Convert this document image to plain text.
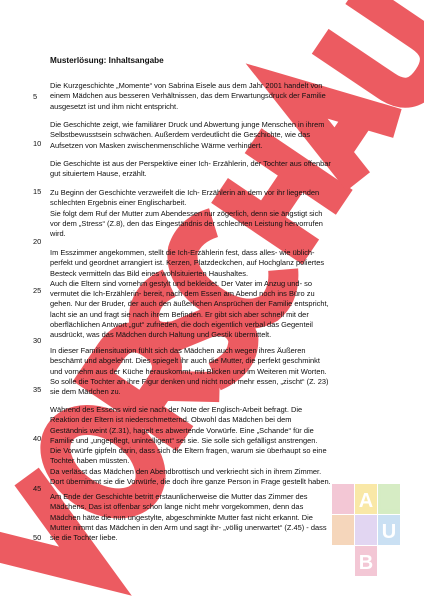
Musterlösung: Inhaltsangabe
5
10
15
20
25
30
35
40
45
50
Die Kurzgeschichte „Momente“ von Sabrina Eisele aus dem Jahr 2001 handelt von
einem Mädchen aus besseren Verhältnissen, das dem Erwartungsdruck der Familie
ausgesetzt ist und ihm nicht entspricht.
Die Geschichte zeigt, wie familiärer Druck und Abwertung junge Menschen in ihrem
Selbstbewusstsein schwächen. Außerdem verdeutlicht die Geschichte, wie das
Aufsetzen von Masken zwischenmenschliche Wärme verhindert.
Die Geschichte ist aus der Perspektive einer Ich- Erzählerin, der Tochter aus offenbar
gut situiertem Hause, erzählt.
Zu Beginn der Geschichte verzweifelt die Ich- Erzählerin an dem vor ihr liegenden
schlechten Ergebnis einer Englischarbeit.
Sie folgt dem Ruf der Mutter zum Abendessen nur zögerlich, denn sie ängstigt sich
vor dem „Stress“ (Z.8), den das Eingeständnis der schlechten Leistung hervorrufen
wird.
Im Esszimmer angekommen, stellt die Ich-Erzählerin fest, dass alles- wie üblich-
perfekt und geordnet arrangiert ist. Kerzen, Platzdeckchen, auf Hochglanz poliertes
Besteck vermitteln das Bild eines wohlsituierten Haushaltes.
Auch die Eltern sind vornehm gestylt und bekleidet. Der Vater im Anzug und- so
vermutet die Ich-Erzählerin- bereit, nach dem Essen am Abend noch ins Büro zu
gehen. Nur der Bruder, der auch den äußerlichen Ansprüchen der Familie entspricht,
lacht sie an und fragt sie nach ihrem Befinden. Er gibt sich aber schnell mit der
oberflächlichen Antwort „gut“ zufrieden, die doch eigentlich verbal das Gegenteil
ausdrückt, was das Mädchen durch Haltung und Gestik übermittelt.
In dieser Familiensituation fühlt sich das Mädchen auch wegen ihres Äußeren
beschämt und abgelehnt. Dies spiegelt ihr auch die Mutter, die perfekt geschminkt
und vornehm aus der Küche herauskommt, mit Blicken und im Weiteren mit Worten.
So solle die Tochter an ihre Figur denken und nicht noch mehr essen, „zischt“ (Z. 23)
sie dem Mädchen zu.
Während des Essens wird sie nach der Note der Englisch-Arbeit befragt. Die
Reaktion der Eltern ist niederschmetternd. Obwohl das Mädchen bei dem
Geständnis weint (Z.31), hagelt es abwertende Vorwürfe. Eine „Schande“ für die
Familie und „ungepflegt, unintelligent“ sei sie. Sie solle sich gefälligst anstrengen.
Die Vorwürfe gipfeln darin, dass sich die Eltern fragen, warum sie überhaupt so eine
Tochter haben müssten.
Da verlässt das Mädchen den Abendbrottisch und verkriecht sich in ihrem Zimmer.
Dort übernimmt sie die Vorwürfe, die doch ihre ganze Person in Frage gestellt haben.
Am Ende der Geschichte betritt erstaunlicherweise die Mutter das Zimmer des
Mädchens. Das ist offenbar schon lange nicht mehr vorgekommen, denn das
Mädchen hätte die nun ungestylte, abgeschminkte Mutter fast nicht erkannt. Die
Mutter nimmt das Mädchen in den Arm und sagt ihr- „völlig unerwartet“ (Z.45) - dass
sie die Tochter liebe.
A
U
B
